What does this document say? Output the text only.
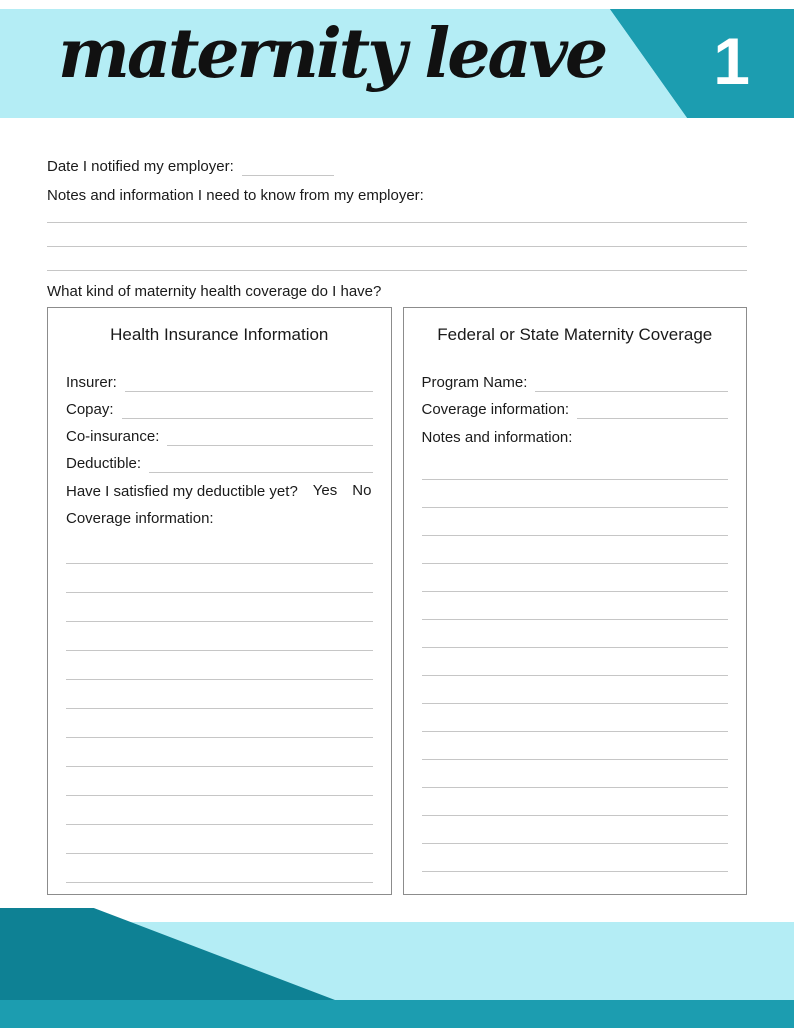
maternity leave 1
Date I notified my employer:
Notes and information I need to know from my employer:
What kind of maternity health coverage do I have?
Health Insurance Information
Insurer:
Copay:
Co-insurance:
Deductible:
Have I satisfied my deductible yet? Yes No
Coverage information:
Federal or State Maternity Coverage
Program Name:
Coverage information:
Notes and information:
